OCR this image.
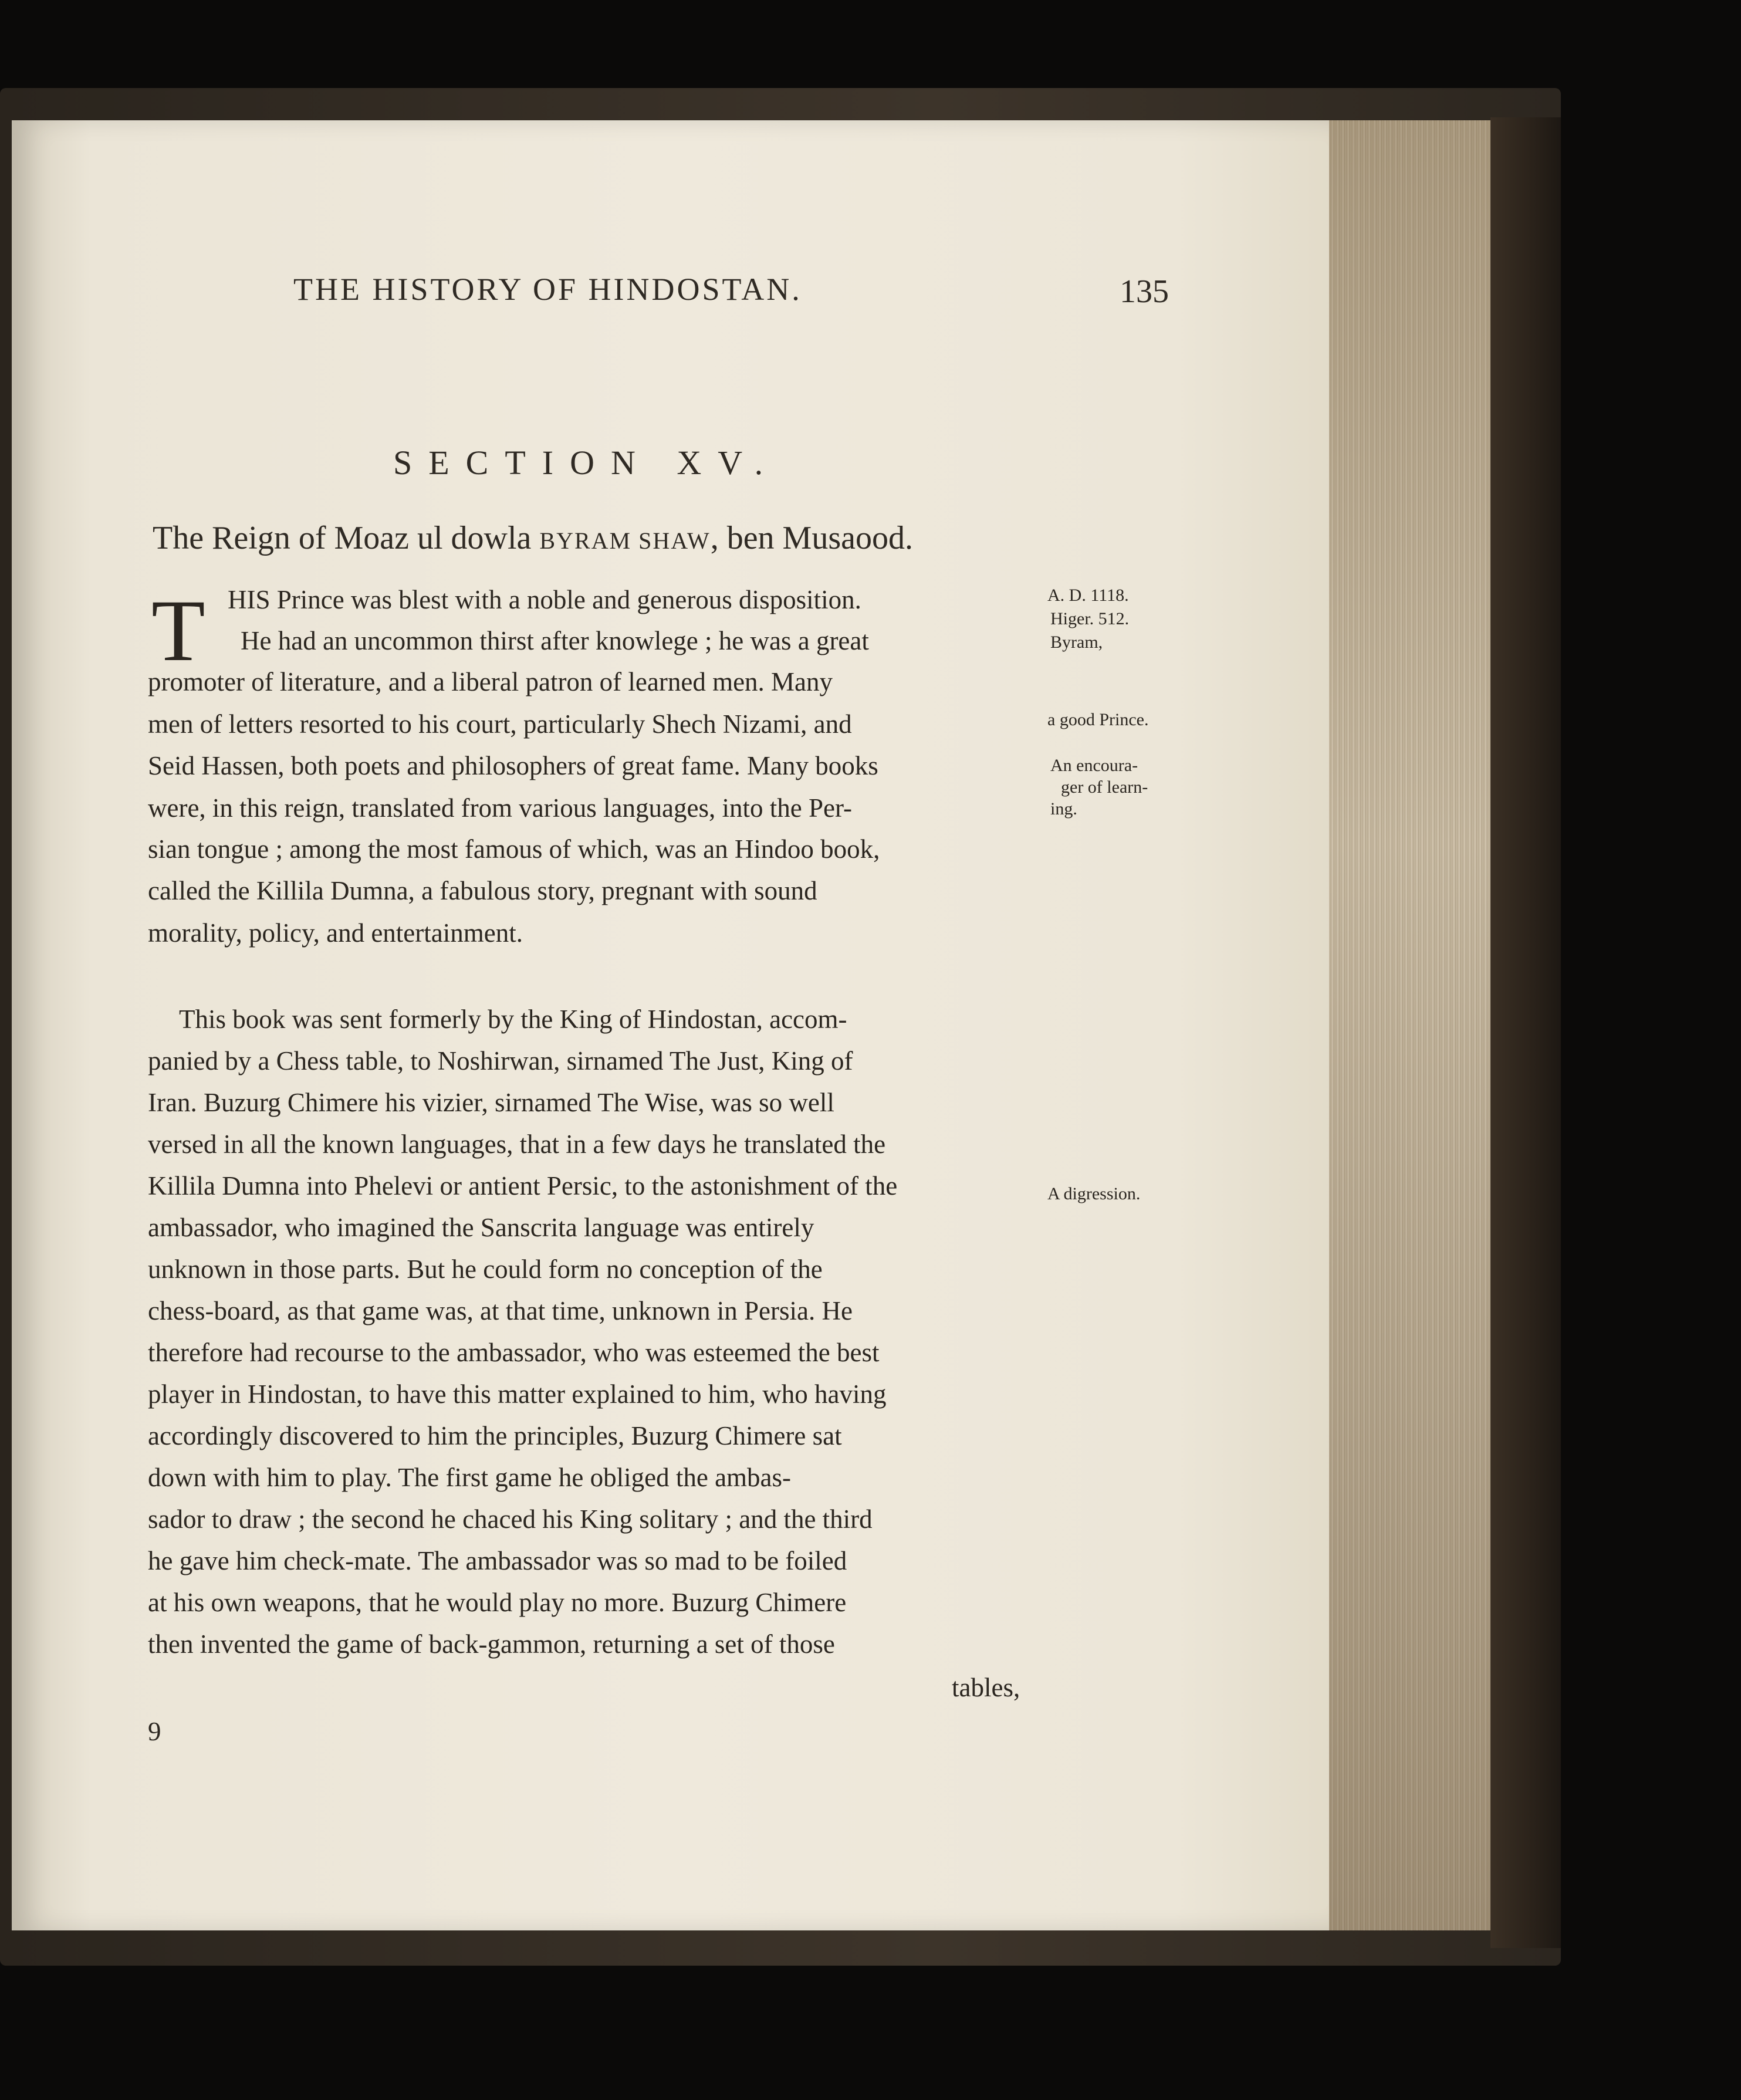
THE HISTORY OF HINDOSTAN.	135
SECTION XV.
The Reign of Moaz ul dowla BYRAM SHAW, ben Musaood.
T HIS Prince was blest with a noble and generous disposition.
He had an uncommon thirst after knowlege ; he was a great
promoter of literature, and a liberal patron of learned men. Many
men of letters resorted to his court, particularly Shech Nizami, and
Seid Hassen, both poets and philosophers of great fame. Many books
were, in this reign, translated from various languages, into the Per-
sian tongue ; among the most famous of which, was an Hindoo book,
called the Killila Dumna, a fabulous story, pregnant with sound
morality, policy, and entertainment.
This book was sent formerly by the King of Hindostan, accom-
panied by a Chess table, to Noshirwan, sirnamed The Just, King of
Iran. Buzurg Chimere his vizier, sirnamed The Wise, was so well
versed in all the known languages, that in a few days he translated the
Killila Dumna into Phelevi or antient Persic, to the astonishment of the
ambassador, who imagined the Sanscrita language was entirely
unknown in those parts. But he could form no conception of the
chess-board, as that game was, at that time, unknown in Persia. He
therefore had recourse to the ambassador, who was esteemed the best
player in Hindostan, to have this matter explained to him, who having
accordingly discovered to him the principles, Buzurg Chimere sat
down with him to play. The first game he obliged the ambas-
sador to draw ; the second he chaced his King solitary ; and the third
he gave him check-mate. The ambassador was so mad to be foiled
at his own weapons, that he would play no more. Buzurg Chimere
then invented the game of back-gammon, returning a set of those
tables,
9
A. D. 1118.
Higer. 512.
Byram,
a good Prince.
An encoura-
ger of learn-
ing.
A digression.
